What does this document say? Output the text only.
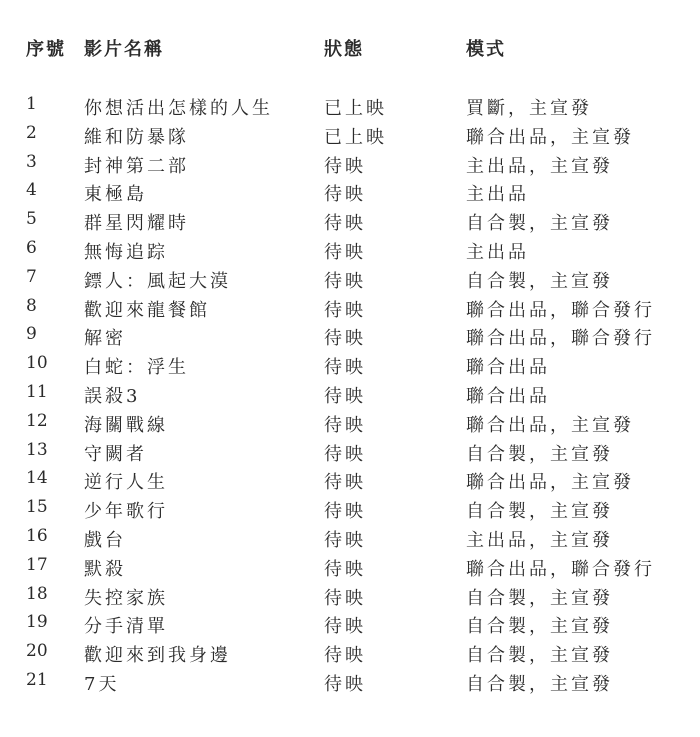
序號 影片名稱	狀態	模式
1	你想活出怎樣的人生	已上映	買斷，主宣發
2	維和防暴隊	已上映	聯合出品，主宣發
3	封神第二部	待映	主出品，主宣發
4	東極島	待映	主出品
5	群星閃耀時	待映	自合製，主宣發
6	無悔追踪	待映	主出品
7	鏢人：風起大漠	待映	自合製，主宣發
8	歡迎來龍餐館	待映	聯合出品，聯合發行
9	解密	待映	聯合出品，聯合發行
10 白蛇：浮生	待映	聯合出品
11 誤殺3	待映	聯合出品
12 海關戰線	待映	聯合出品，主宣發
13 守闕者	待映	自合製，主宣發
14 逆行人生	待映	聯合出品，主宣發
15 少年歌行	待映	自合製，主宣發
16 戲台	待映	主出品，主宣發
17 默殺	待映	聯合出品，聯合發行
18 失控家族	待映	自合製，主宣發
19 分手清單	待映	自合製，主宣發
20 歡迎來到我身邊	待映	自合製，主宣發
21 7天	待映	自合製，主宣發
